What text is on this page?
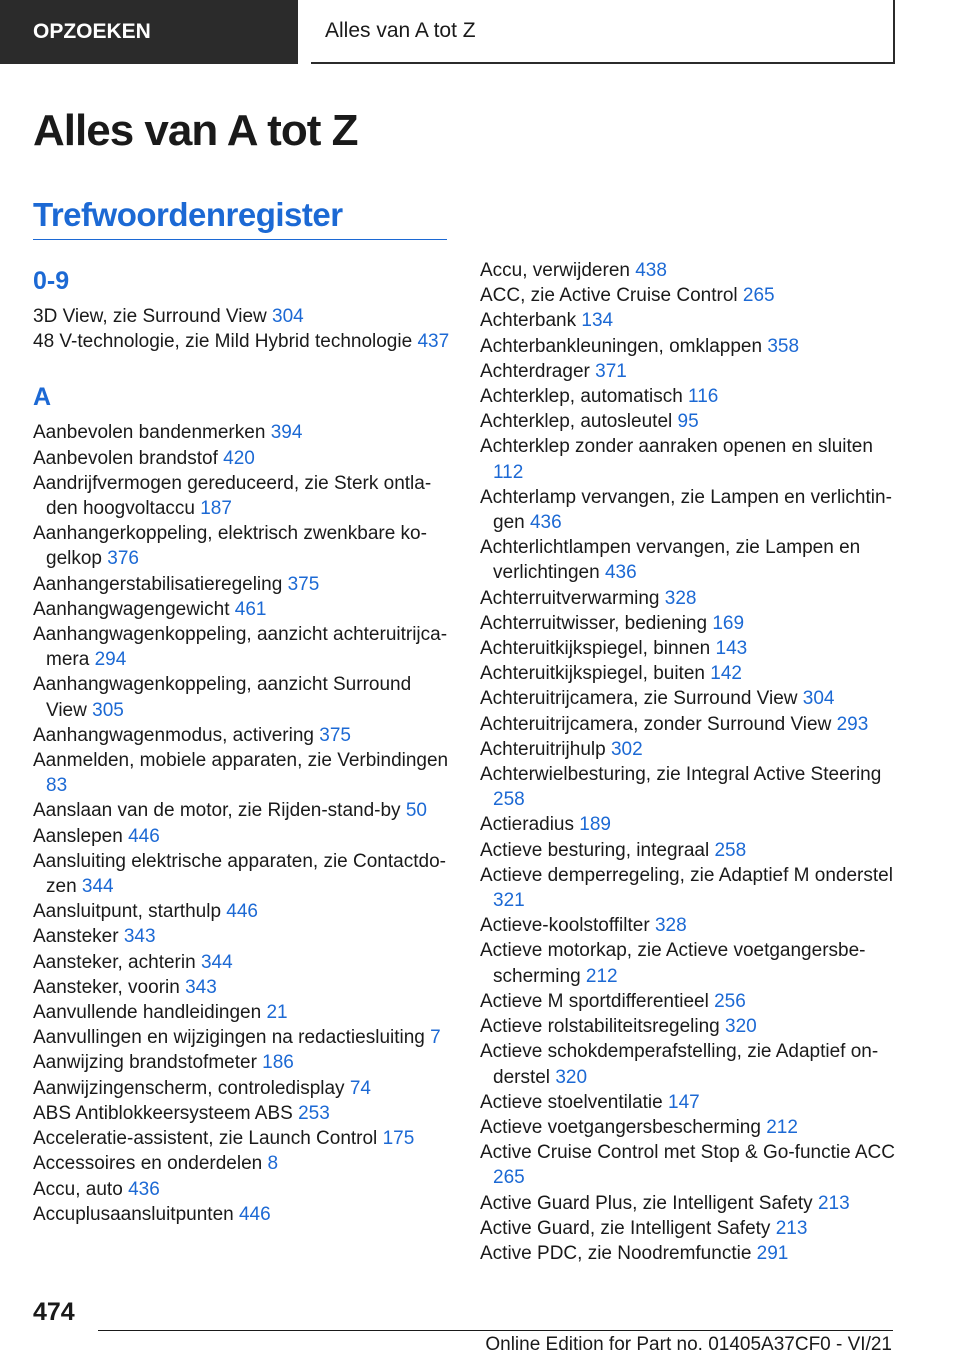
OPZOEKEN	Alles van A tot Z
Alles van A tot Z
Trefwoordenregister
0-9

3D View, zie Surround View 304

48 V-technologie, zie Mild Hybrid technologie 437

A

Aanbevolen bandenmerken 394

Aanbevolen brandstof 420

Aandrijfvermogen gereduceerd, zie Sterk ontladen hoogvoltaccu 187

Aanhangerkoppeling, elektrisch zwenkbare kogelkop 376

Aanhangerstabilisatieregeling 375

Aanhangwagengewicht 461

Aanhangwagenkoppeling, aanzicht achteruitrijcamera 294

Aanhangwagenkoppeling, aanzicht Surround View 305

Aanhangwagenmodus, activering 375

Aanmelden, mobiele apparaten, zie Verbindingen 83

Aanslaan van de motor, zie Rijden-stand-by 50

Aanslepen 446

Aansluiting elektrische apparaten, zie Contactdozen 344

Aansluitpunt, starthulp 446

Aansteker 343

Aansteker, achterin 344

Aansteker, voorin 343

Aanvullende handleidingen 21

Aanvullingen en wijzigingen na redactiesluiting 7

Aanwijzing brandstofmeter 186

Aanwijzingenscherm, controledisplay 74

ABS Antiblokkeersysteem ABS 253

Acceleratie-assistent, zie Launch Control 175

Accessoires en onderdelen 8

Accu, auto 436

Accuplusaansluitpunten 446

Accu, verwijderen 438

ACC, zie Active Cruise Control 265

Achterbank 134

Achterbankleuningen, omklappen 358

Achterdrager 371

Achterklep, automatisch 116

Achterklep, autosleutel 95

Achterklep zonder aanraken openen en sluiten 112

Achterlamp vervangen, zie Lampen en verlichtingen 436

Achterlichtlampen vervangen, zie Lampen en verlichtingen 436

Achterruitverwarming 328

Achterruitwisser, bediening 169

Achteruitkijkspiegel, binnen 143

Achteruitkijkspiegel, buiten 142

Achteruitrijcamera, zie Surround View 304

Achteruitrijcamera, zonder Surround View 293

Achteruitrijhulp 302

Achterwielbesturing, zie Integral Active Steering 258

Actieradius 189

Actieve besturing, integraal 258

Actieve demperregeling, zie Adaptief M onderstel 321

Actieve-koolstoffilter 328

Actieve motorkap, zie Actieve voetgangersbescherming 212

Actieve M sportdifferentieel 256

Actieve rolstabiliteitsregeling 320

Actieve schokdemperafstelling, zie Adaptief onderstel 320

Actieve stoelventilatie 147

Actieve voetgangersbescherming 212

Active Cruise Control met Stop & Go-functie ACC 265

Active Guard Plus, zie Intelligent Safety 213

Active Guard, zie Intelligent Safety 213

Active PDC, zie Noodremfunctie 291

474
Online Edition for Part no. 01405A37CF0 - VI/21
